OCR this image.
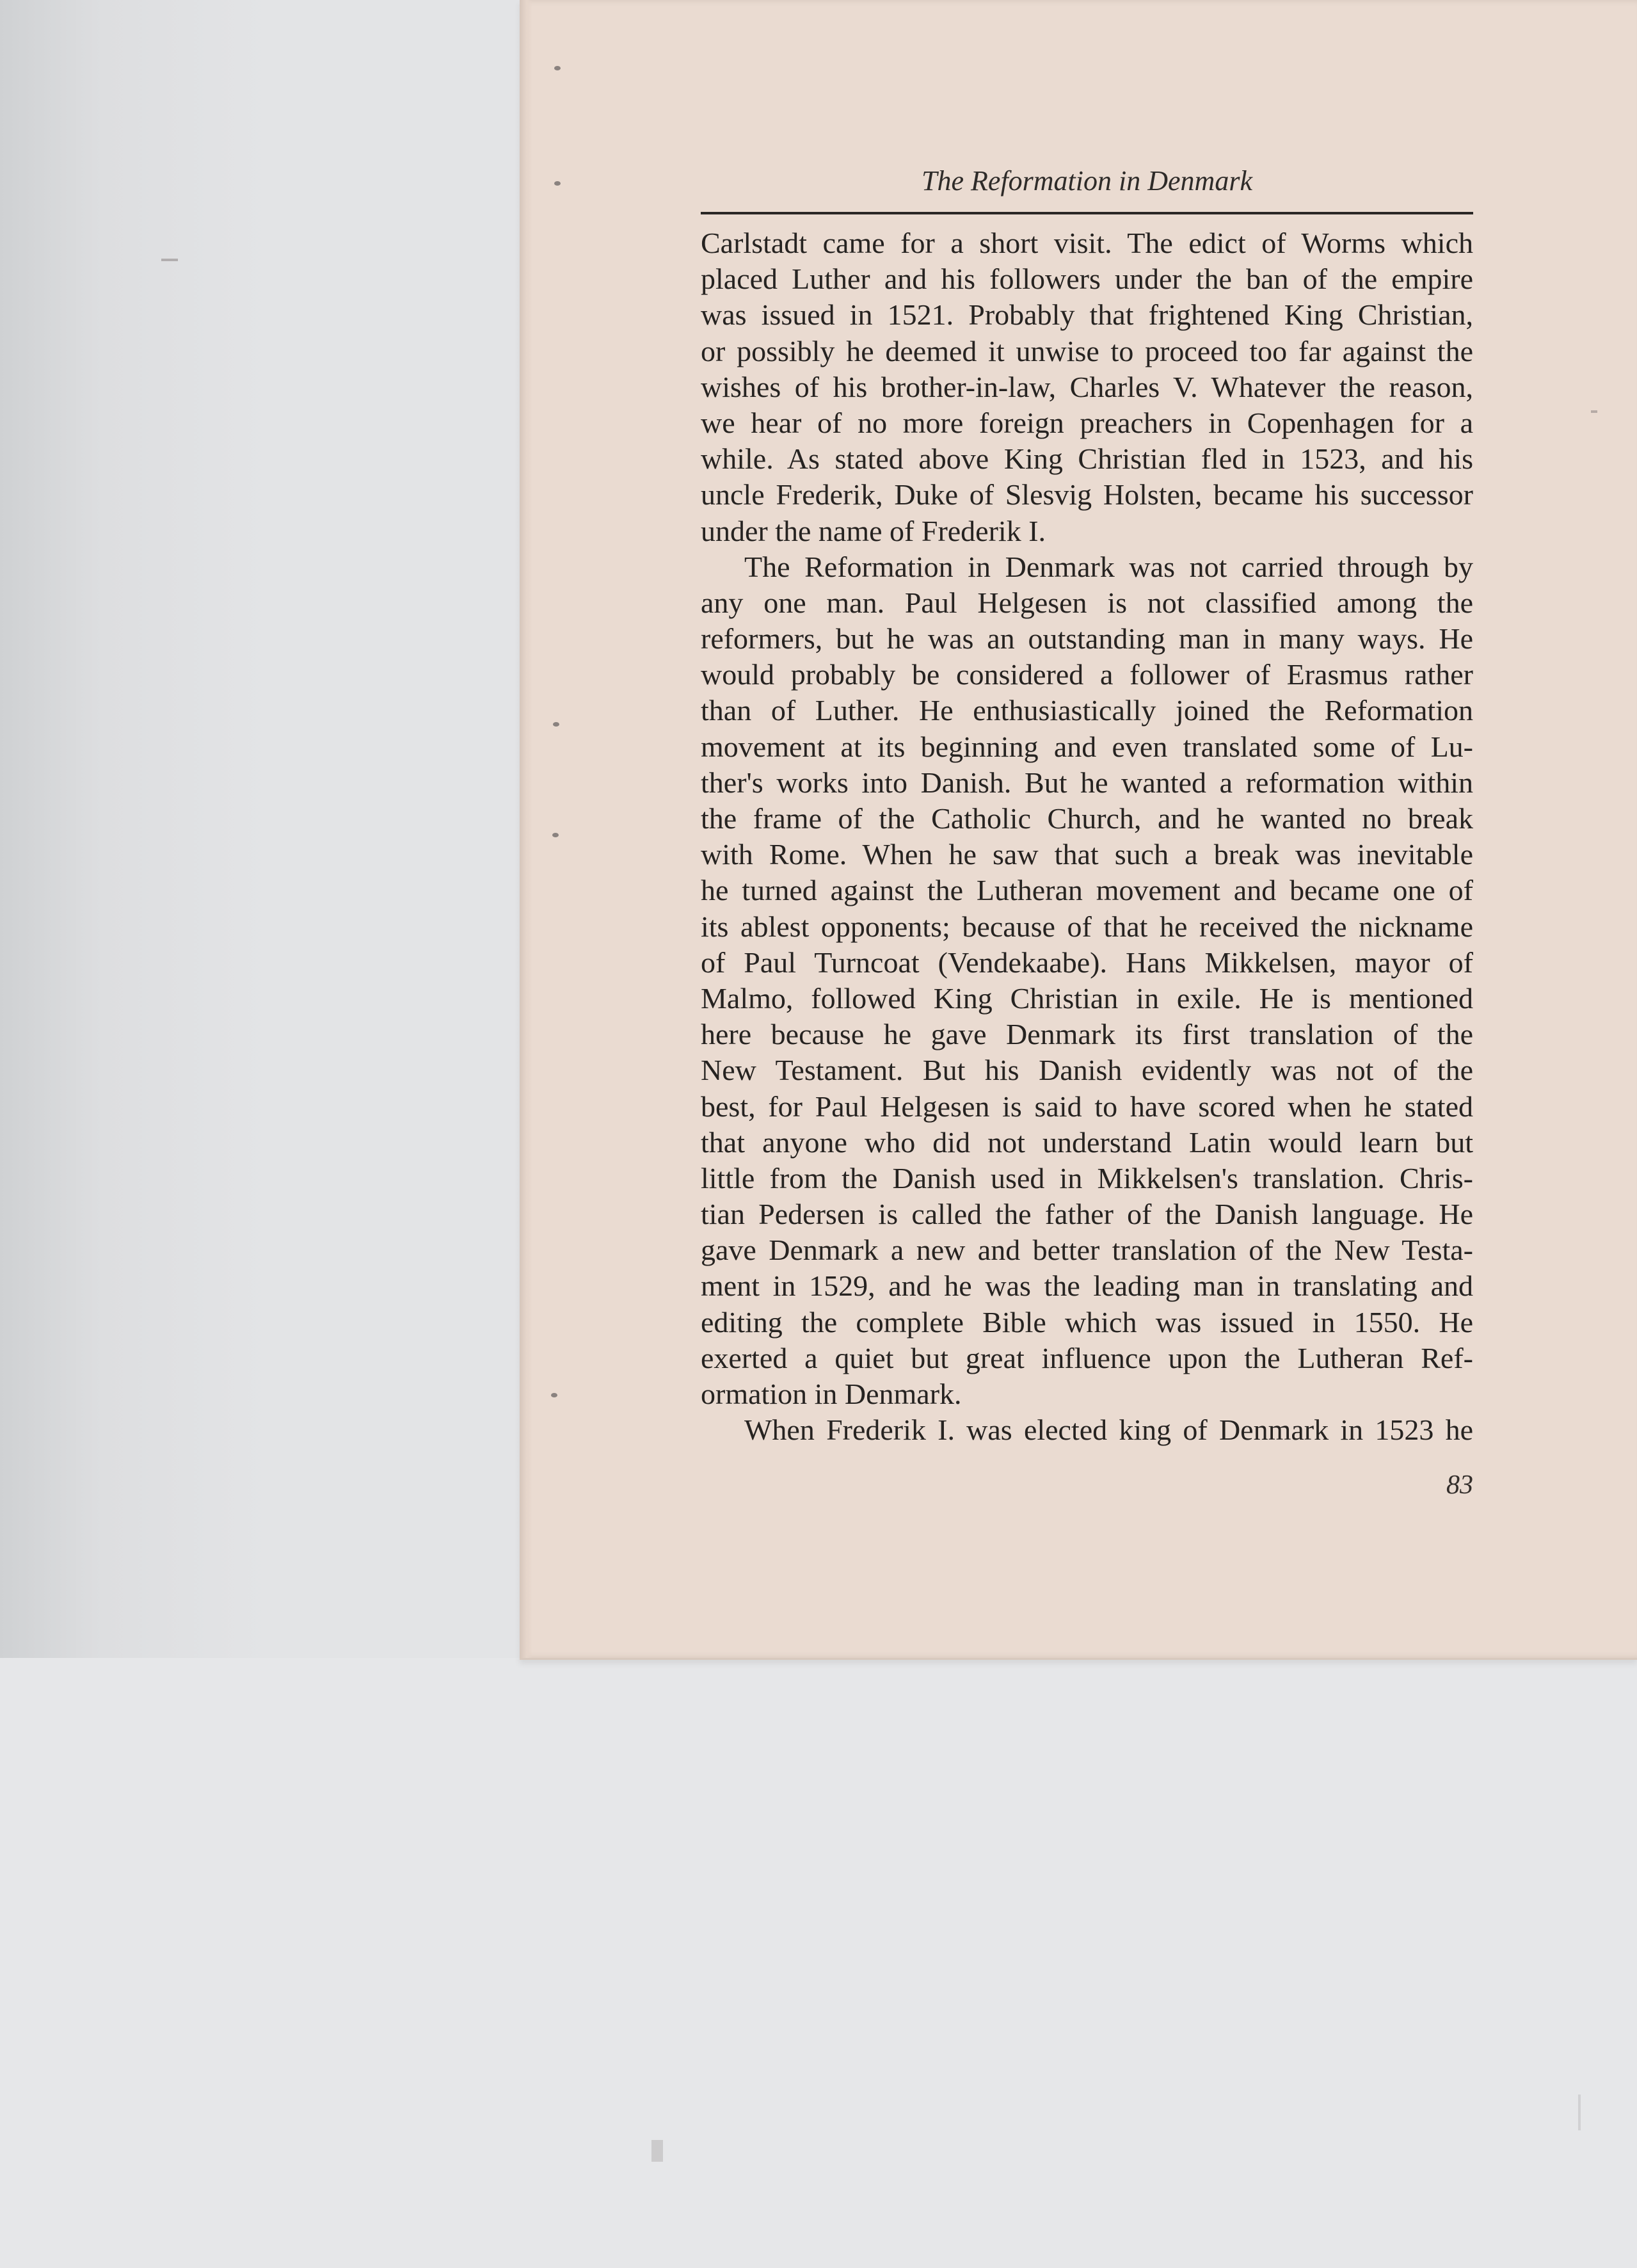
The Reformation in Denmark
Carlstadt came for a short visit. The edict of Worms which
placed Luther and his followers under the ban of the empire
was issued in 1521. Probably that frightened King Christian,
or possibly he deemed it unwise to proceed too far against the
wishes of his brother-in-law, Charles V. Whatever the reason,
we hear of no more foreign preachers in Copenhagen for a
while. As stated above King Christian fled in 1523, and his
uncle Frederik, Duke of Slesvig Holsten, became his successor
under the name of Frederik I.
The Reformation in Denmark was not carried through by
any one man. Paul Helgesen is not classified among the
reformers, but he was an outstanding man in many ways. He
would probably be considered a follower of Erasmus rather
than of Luther. He enthusiastically joined the Reformation
movement at its beginning and even translated some of Lu-
ther's works into Danish. But he wanted a reformation within
the frame of the Catholic Church, and he wanted no break
with Rome. When he saw that such a break was inevitable
he turned against the Lutheran movement and became one of
its ablest opponents; because of that he received the nickname
of Paul Turncoat (Vendekaabe). Hans Mikkelsen, mayor of
Malmo, followed King Christian in exile. He is mentioned
here because he gave Denmark its first translation of the
New Testament. But his Danish evidently was not of the
best, for Paul Helgesen is said to have scored when he stated
that anyone who did not understand Latin would learn but
little from the Danish used in Mikkelsen's translation. Chris-
tian Pedersen is called the father of the Danish language. He
gave Denmark a new and better translation of the New Testa-
ment in 1529, and he was the leading man in translating and
editing the complete Bible which was issued in 1550. He
exerted a quiet but great influence upon the Lutheran Ref-
ormation in Denmark.
When Frederik I. was elected king of Denmark in 1523 he
83
